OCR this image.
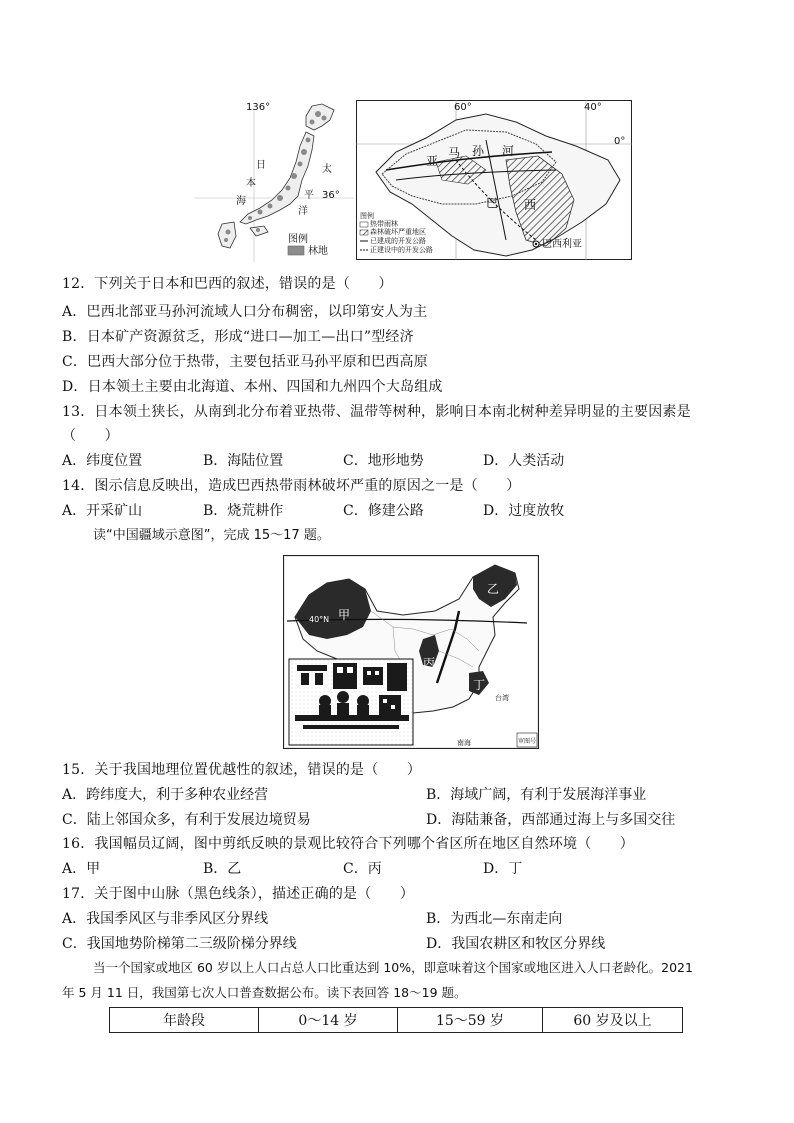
136°
36°
日
本
海
太
平
洋
图例
林地
60°	40°
0°
亚
马 孙 河
巴 西
巴西利亚
图例
热带雨林
森林破坏严重地区
已建成的开发公路
正建设中的开发公路
12．下列关于日本和巴西的叙述，错误的是（　　）
A．巴西北部亚马孙河流域人口分布稠密，以印第安人为主
B．日本矿产资源贫乏，形成“进口—加工—出口”型经济
C．巴西大部分位于热带，主要包括亚马孙平原和巴西高原
D．日本领土主要由北海道、本州、四国和九州四个大岛组成
13．日本领土狭长，从南到北分布着亚热带、温带等树种，影响日本南北树种差异明显的主要因素是
（　　）
A．纬度位置	B．海陆位置	C．地形地势	D．人类活动
14．图示信息反映出，造成巴西热带雨林破坏严重的原因之一是（　　）
A．开采矿山	B．烧荒耕作	C．修建公路	D．过度放牧
读“中国疆域示意图”，完成 15～17 题。
甲
乙
丙
丁
40°N
台湾
南海	审图号
15．关于我国地理位置优越性的叙述，错误的是（　　）
A．跨纬度大，利于多种农业经营	B．海域广阔，有利于发展海洋事业
C．陆上邻国众多，有利于发展边境贸易	D．海陆兼备，西部通过海上与多国交往
16．我国幅员辽阔，图中剪纸反映的景观比较符合下列哪个省区所在地区自然环境（　　）
A．甲	B．乙	C．丙	D．丁
17．关于图中山脉（黑色线条），描述正确的是（　　）
A．我国季风区与非季风区分界线	B．为西北—东南走向
C．我国地势阶梯第二三级阶梯分界线	D．我国农耕区和牧区分界线
当一个国家或地区 60 岁以上人口占总人口比重达到 10%，即意味着这个国家或地区进入人口老龄化。2021
年 5 月 11 日，我国第七次人口普查数据公布。读下表回答 18～19 题。
年龄段	0～14 岁	15～59 岁	60 岁及以上
